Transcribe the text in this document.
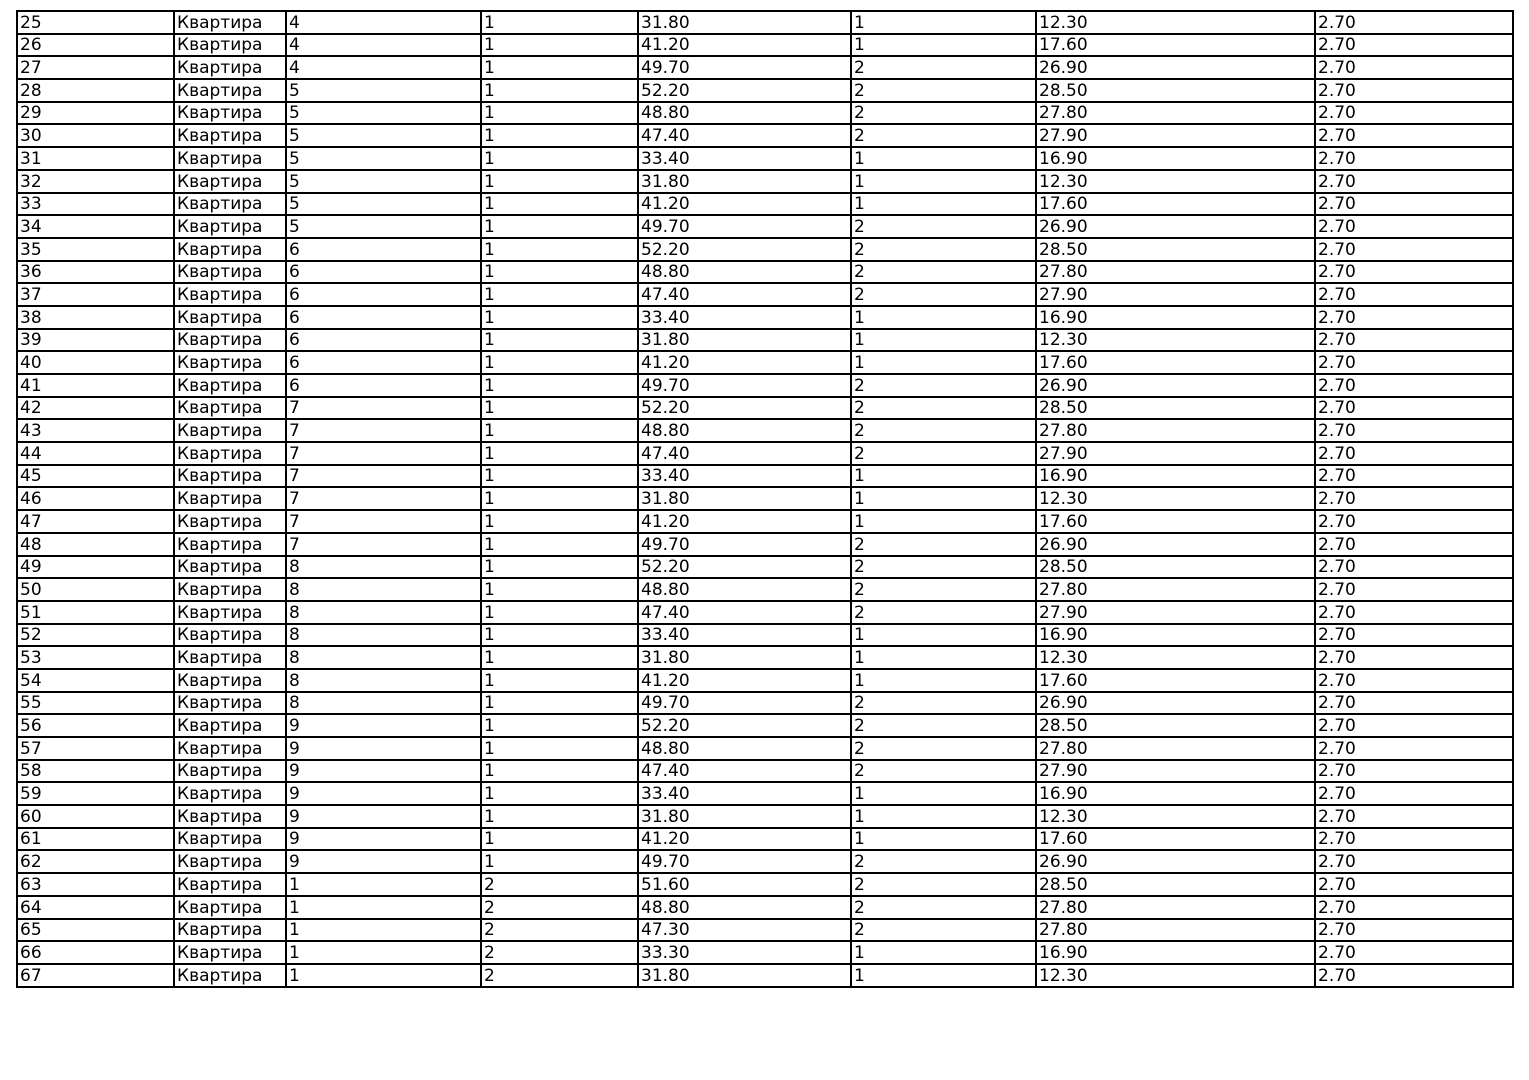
25	Квартира	4	1	31.80	1	12.30	2.70
26	Квартира	4	1	41.20	1	17.60	2.70
27	Квартира	4	1	49.70	2	26.90	2.70
28	Квартира	5	1	52.20	2	28.50	2.70
29	Квартира	5	1	48.80	2	27.80	2.70
30	Квартира	5	1	47.40	2	27.90	2.70
31	Квартира	5	1	33.40	1	16.90	2.70
32	Квартира	5	1	31.80	1	12.30	2.70
33	Квартира	5	1	41.20	1	17.60	2.70
34	Квартира	5	1	49.70	2	26.90	2.70
35	Квартира	6	1	52.20	2	28.50	2.70
36	Квартира	6	1	48.80	2	27.80	2.70
37	Квартира	6	1	47.40	2	27.90	2.70
38	Квартира	6	1	33.40	1	16.90	2.70
39	Квартира	6	1	31.80	1	12.30	2.70
40	Квартира	6	1	41.20	1	17.60	2.70
41	Квартира	6	1	49.70	2	26.90	2.70
42	Квартира	7	1	52.20	2	28.50	2.70
43	Квартира	7	1	48.80	2	27.80	2.70
44	Квартира	7	1	47.40	2	27.90	2.70
45	Квартира	7	1	33.40	1	16.90	2.70
46	Квартира	7	1	31.80	1	12.30	2.70
47	Квартира	7	1	41.20	1	17.60	2.70
48	Квартира	7	1	49.70	2	26.90	2.70
49	Квартира	8	1	52.20	2	28.50	2.70
50	Квартира	8	1	48.80	2	27.80	2.70
51	Квартира	8	1	47.40	2	27.90	2.70
52	Квартира	8	1	33.40	1	16.90	2.70
53	Квартира	8	1	31.80	1	12.30	2.70
54	Квартира	8	1	41.20	1	17.60	2.70
55	Квартира	8	1	49.70	2	26.90	2.70
56	Квартира	9	1	52.20	2	28.50	2.70
57	Квартира	9	1	48.80	2	27.80	2.70
58	Квартира	9	1	47.40	2	27.90	2.70
59	Квартира	9	1	33.40	1	16.90	2.70
60	Квартира	9	1	31.80	1	12.30	2.70
61	Квартира	9	1	41.20	1	17.60	2.70
62	Квартира	9	1	49.70	2	26.90	2.70
63	Квартира	1	2	51.60	2	28.50	2.70
64	Квартира	1	2	48.80	2	27.80	2.70
65	Квартира	1	2	47.30	2	27.80	2.70
66	Квартира	1	2	33.30	1	16.90	2.70
67	Квартира	1	2	31.80	1	12.30	2.70
